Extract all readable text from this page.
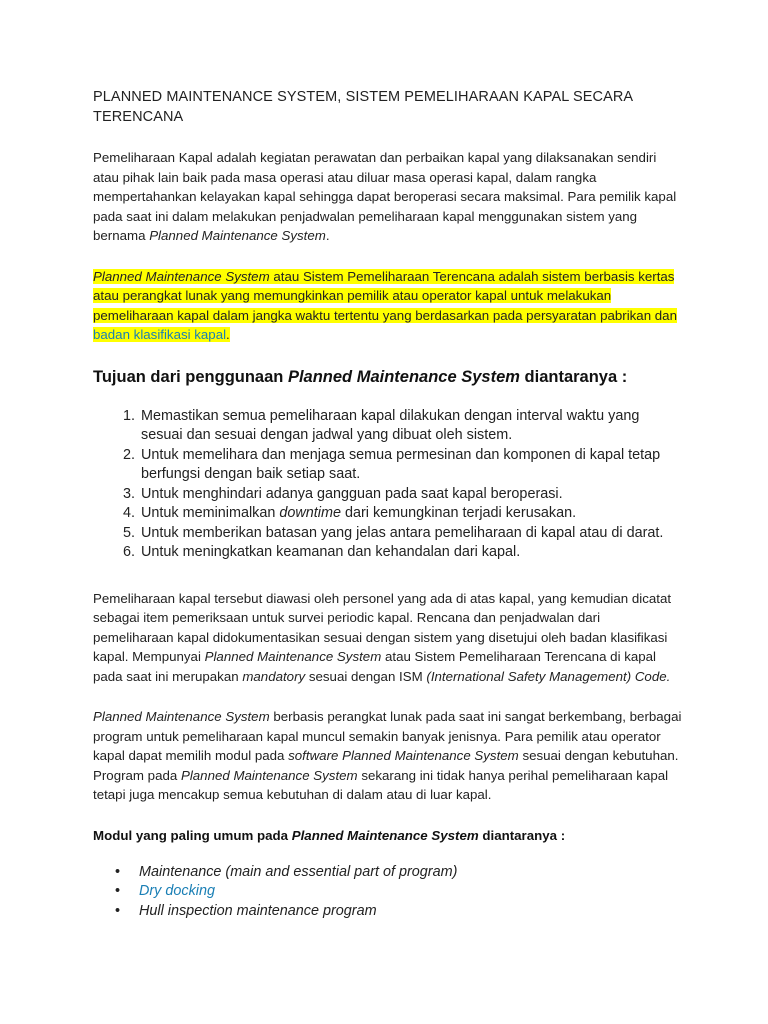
PLANNED MAINTENANCE SYSTEM, SISTEM PEMELIHARAAN KAPAL SECARA TERENCANA

Pemeliharaan Kapal adalah kegiatan perawatan dan perbaikan kapal yang dilaksanakan sendiri atau pihak lain baik pada masa operasi atau diluar masa operasi kapal, dalam rangka mempertahankan kelayakan kapal sehingga dapat beroperasi secara maksimal. Para pemilik kapal pada saat ini dalam melakukan penjadwalan pemeliharaan kapal menggunakan sistem yang bernama Planned Maintenance System.

Planned Maintenance System atau Sistem Pemeliharaan Terencana adalah sistem berbasis kertas atau perangkat lunak yang memungkinkan pemilik atau operator kapal untuk melakukan pemeliharaan kapal dalam jangka waktu tertentu yang berdasarkan pada persyaratan pabrikan dan badan klasifikasi kapal.

Tujuan dari penggunaan Planned Maintenance System diantaranya :
1. Memastikan semua pemeliharaan kapal dilakukan dengan interval waktu yang sesuai dan sesuai dengan jadwal yang dibuat oleh sistem.
2. Untuk memelihara dan menjaga semua permesinan dan komponen di kapal tetap berfungsi dengan baik setiap saat.
3. Untuk menghindari adanya gangguan pada saat kapal beroperasi.
4. Untuk meminimalkan downtime dari kemungkinan terjadi kerusakan.
5. Untuk memberikan batasan yang jelas antara pemeliharaan di kapal atau di darat.
6. Untuk meningkatkan keamanan dan kehandalan dari kapal.

Pemeliharaan kapal tersebut diawasi oleh personel yang ada di atas kapal, yang kemudian dicatat sebagai item pemeriksaan untuk survei periodic kapal. Rencana dan penjadwalan dari pemeliharaan kapal didokumentasikan sesuai dengan sistem yang disetujui oleh badan klasifikasi kapal. Mempunyai Planned Maintenance System atau Sistem Pemeliharaan Terencana di kapal pada saat ini merupakan mandatory sesuai dengan ISM (International Safety Management) Code.

Planned Maintenance System berbasis perangkat lunak pada saat ini sangat berkembang, berbagai program untuk pemeliharaan kapal muncul semakin banyak jenisnya. Para pemilik atau operator kapal dapat memilih modul pada software Planned Maintenance System sesuai dengan kebutuhan. Program pada Planned Maintenance System sekarang ini tidak hanya perihal pemeliharaan kapal tetapi juga mencakup semua kebutuhan di dalam atau di luar kapal.

Modul yang paling umum pada Planned Maintenance System diantaranya :

• Maintenance (main and essential part of program)
• Dry docking
• Hull inspection maintenance program
